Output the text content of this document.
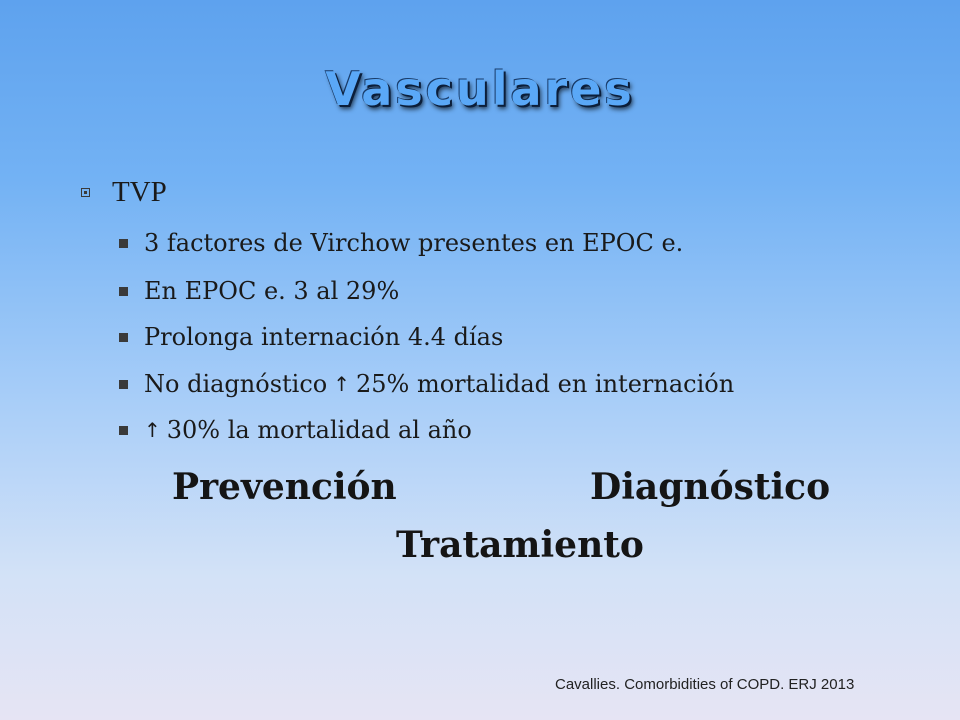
Vasculares
TVP
3 factores de Virchow presentes en EPOC e.
En EPOC e. 3 al 29%
Prolonga internación 4.4 días
No diagnóstico ↑ 25% mortalidad en internación
↑ 30% la mortalidad al año
Prevención	Diagnóstico
Tratamiento
Cavallies. Comorbidities of COPD. ERJ 2013
